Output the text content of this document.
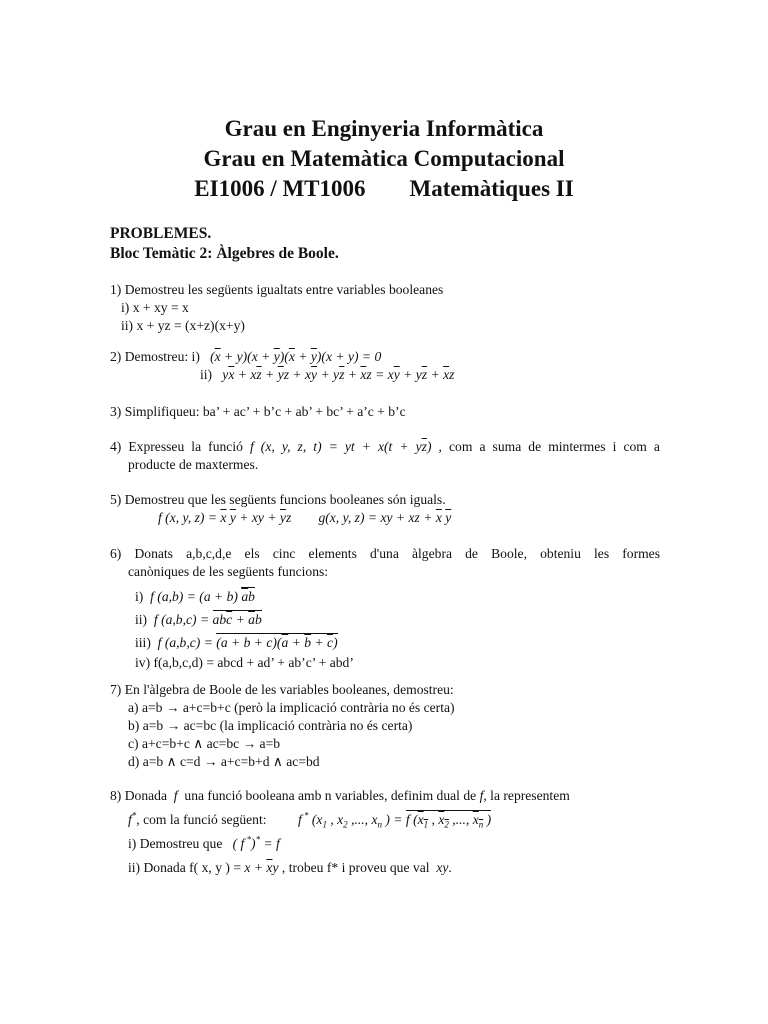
Grau en Enginyeria Informàtica
Grau en Matemàtica Computacional
EI1006 / MT1006 Matemàtiques II
PROBLEMES.
Bloc Temàtic 2: Àlgebres de Boole.
1) Demostreu les següents igualtats entre variables booleanes
i) x + xy = x
ii) x + yz = (x+z)(x+y)
2) Demostreu: i)   $(\overline{x} + y)(x + \overline{y})(\overline{x} + \overline{y})(x + y) = 0$
ii)   $y\overline{x} + x\overline{z} + \overline{y}z + x\overline{y} + y\overline{z} + \overline{x}z = x\overline{y} + y\overline{z} + \overline{x}z$
3) Simplifiqueu: ba’ + ac’ + b’c + ab’ + bc’ + a’c + b’c
4) Expresseu la funció f (x, y, z, t) = yt + $x(t + y\overline{z})$ , com a suma de mintermes i com a
producte de maxtermes.
5) Demostreu que les següents funcions booleanes són iguals.
f (x, y, $z) = \overline{x}$ $\overline{y}$ + xy + $\overline{y}z$        g(x, y, z) = xy + xz + $\overline{x}$ $\overline{y}$
6) Donats a,b,c,d,e els cinc elements d'una àlgebra de Boole, obteniu les formes
canòniques de les següents funcions:
i)  f (a,b) = (a + b) $\overline{a}b$
ii)  f $(a,b,c) = ab\overline{c} + \overline{a}b$
iii)  f $(a,b,c) = (a + b + c)(\overline{a} + \overline{b} + \overline{c})$
iv) f(a,b,c,d) = abcd + ad’ + ab’c’ + abd’
7) En l'àlgebra de Boole de les variables booleanes, demostreu:
a) a=b → a+c=b+c (però la implicació contrària no és certa)
b) a=b → ac=bc (la implicació contrària no és certa)
c) a+c=b+c ∧ ac=bc → a=b
d) a=b ∧ c=d → a+c=b+d ∧ ac=bd
8) Donada  f  una funció booleana amb n variables, definim dual de f, la representem
f*, com la funció següent: f * ($x_1$ , $x_2$ ,..., $x_n$ ) = f ($x_1$ , $x_2$ ,..., $x_n$ )
i) Demostreu que   ( f *)* = f
ii) Donada f( x, y ) = $x + \overline{x}y$ , trobeu f* i proveu que val  xy.
